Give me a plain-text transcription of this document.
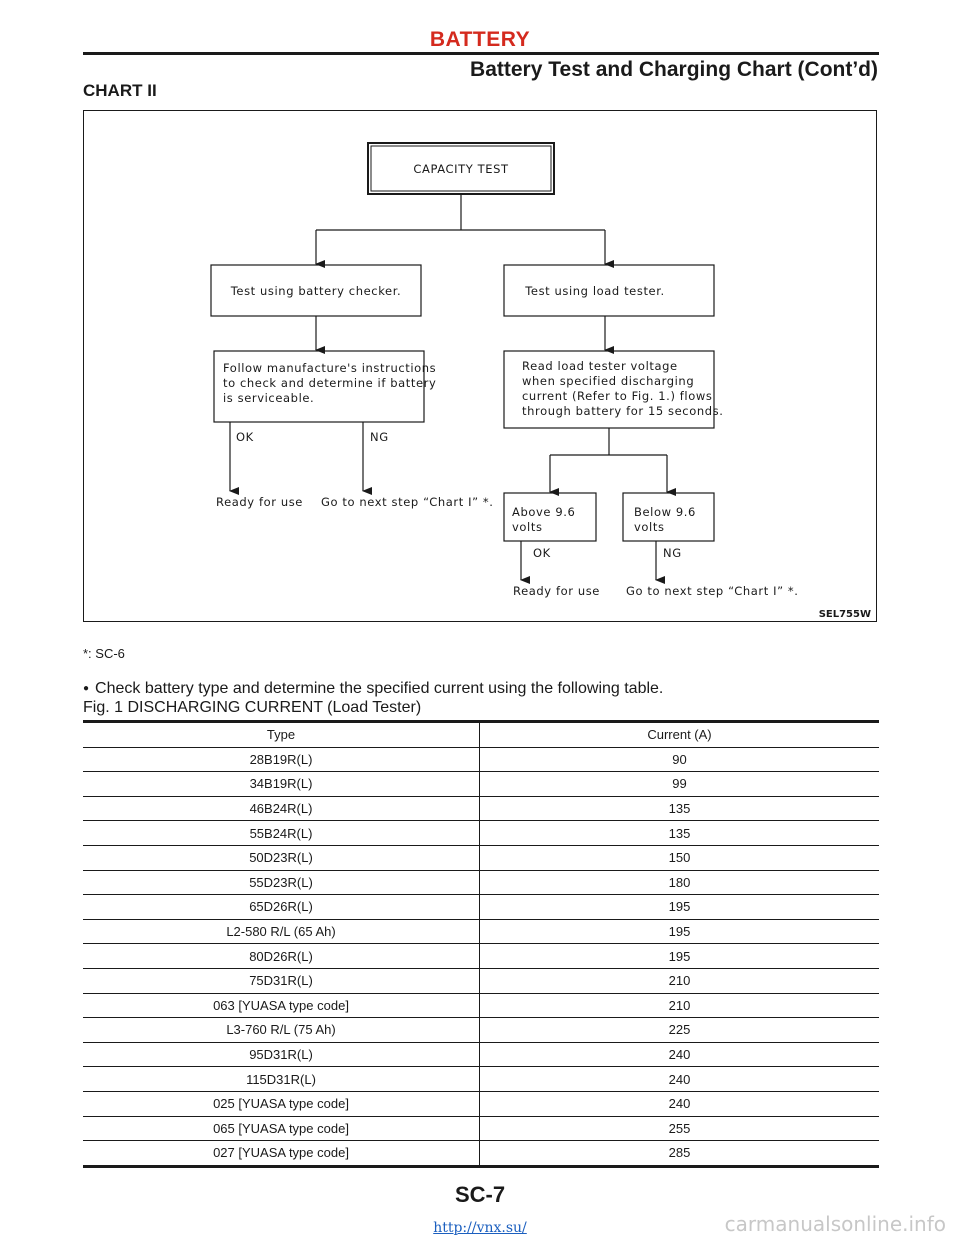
BATTERY
Battery Test and Charging Chart (Cont’d)
CHART II
CAPACITY TEST
Test using battery checker.	Test using load tester.
Follow manufacture's instructions
to check and determine if battery
is serviceable.
Read load tester voltage
when specified discharging
current (Refer to Fig. 1.) flows
through battery for 15 seconds.
OK	NG
Ready for use Go to next step “Chart I” *.
Above 9.6
volts
Below 9.6
volts
OK	NG
Ready for use Go to next step “Chart I” *.
SEL755W
*: SC-6
● Check battery type and determine the specified current using the following table.
Fig. 1 DISCHARGING CURRENT (Load Tester)
Type	Current (A)
28B19R(L)	90
34B19R(L)	99
46B24R(L)	135
55B24R(L)	135
50D23R(L)	150
55D23R(L)	180
65D26R(L)	195
L2-580 R/L (65 Ah)	195
80D26R(L)	195
75D31R(L)	210
063 [YUASA type code]	210
L3-760 R/L (75 Ah)	225
95D31R(L)	240
115D31R(L)	240
025 [YUASA type code]	240
065 [YUASA type code]	255
027 [YUASA type code]	285
SC-7
http://vnx.su/	carmanualsonline.info
